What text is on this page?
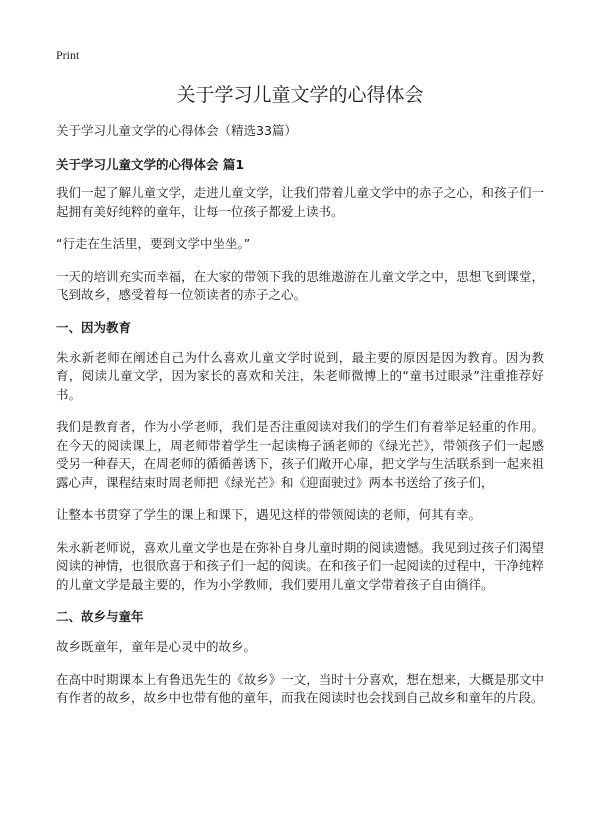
Print
关于学习儿童文学的心得体会

关于学习儿童文学的心得体会（精选33篇）

关于学习儿童文学的心得体会 篇1

我们一起了解儿童文学，走进儿童文学，让我们带着儿童文学中的赤子之心，和孩子们一起拥有美好纯粹的童年，让每一位孩子都爱上读书。

“行走在生活里，要到文学中坐坐。”

一天的培训充实而幸福，在大家的带领下我的思维遨游在儿童文学之中，思想飞到课堂，飞到故乡，感受着每一位领读者的赤子之心。

一、因为教育

朱永新老师在阐述自己为什么喜欢儿童文学时说到，最主要的原因是因为教育。因为教育，阅读儿童文学，因为家长的喜欢和关注，朱老师微博上的“童书过眼录”注重推荐好书。

我们是教育者，作为小学老师，我们是否注重阅读对我们的学生们有着举足轻重的作用。在今天的阅读课上，周老师带着学生一起读梅子涵老师的《绿光芒》，带领孩子们一起感受另一种春天，在周老师的循循善诱下，孩子们敞开心扉，把文学与生活联系到一起来祖露心声，课程结束时周老师把《绿光芒》和《迎面驶过》两本书送给了孩子们，

让整本书贯穿了学生的课上和课下，遇见这样的带领阅读的老师，何其有幸。

朱永新老师说，喜欢儿童文学也是在弥补自身儿童时期的阅读遗憾。我见到过孩子们渴望阅读的神情，也很欣喜于和孩子们一起的阅读。在和孩子们一起阅读的过程中，干净纯粹的儿童文学是最主要的，作为小学教师，我们要用儿童文学带着孩子自由徜徉。

二、故乡与童年

故乡既童年，童年是心灵中的故乡。

在高中时期课本上有鲁迅先生的《故乡》一文，当时十分喜欢，想在想来，大概是那文中有作者的故乡，故乡中也带有他的童年，而我在阅读时也会找到自己故乡和童年的片段。
